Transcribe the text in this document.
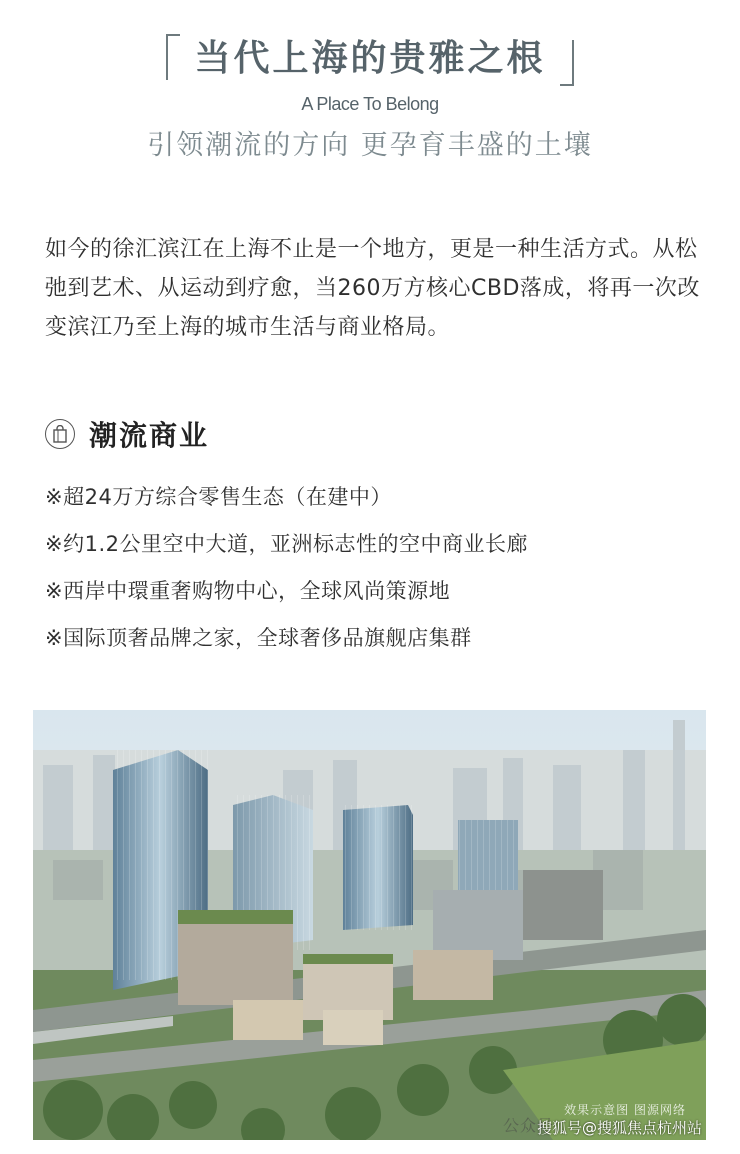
当代上海的贵雅之根
A Place To Belong
引领潮流的方向 更孕育丰盛的土壤

如今的徐汇滨江在上海不止是一个地方，更是一种生活方式。从松弛到艺术、从运动到疗愈，当260万方核心CBD落成，将再一次改变滨江乃至上海的城市生活与商业格局。

潮流商业
※超24万方综合零售生态（在建中）
※约1.2公里空中大道，亚洲标志性的空中商业长廊
※西岸中環重奢购物中心，全球风尚策源地
※国际顶奢品牌之家，全球奢侈品旗舰店集群
效果示意图 图源网络
公众号
搜狐号@搜狐焦点杭州站
